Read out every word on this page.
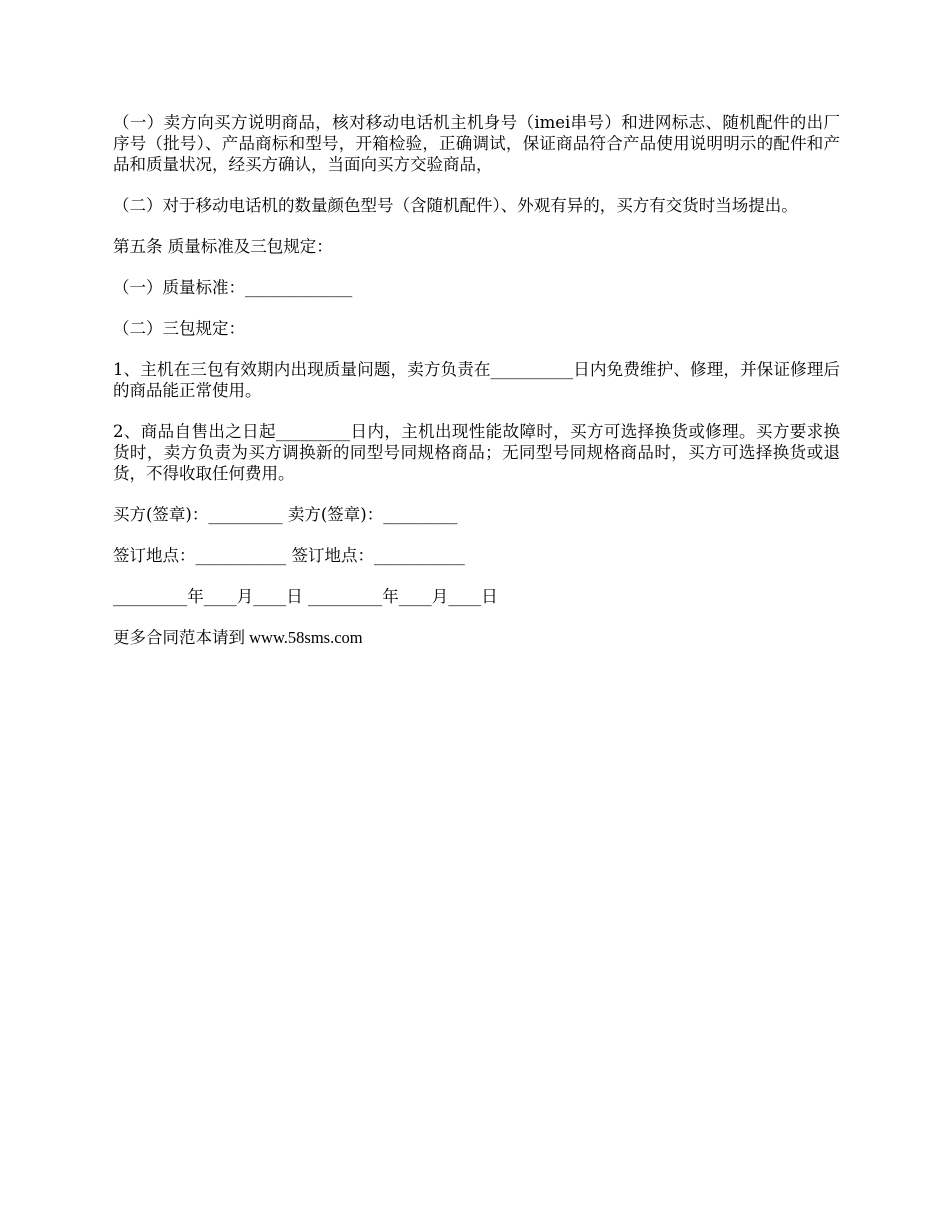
（一）卖方向买方说明商品，核对移动电话机主机身号（imei串号）和进网标志、随机配件的出厂序号（批号）、产品商标和型号，开箱检验，正确调试，保证商品符合产品使用说明明示的配件和产品和质量状况，经买方确认，当面向买方交验商品，

（二）对于移动电话机的数量颜色型号（含随机配件）、外观有异的，买方有交货时当场提出。

第五条 质量标准及三包规定：

（一）质量标准：_____________

（二）三包规定：

1、主机在三包有效期内出现质量问题，卖方负责在__________日内免费维护、修理，并保证修理后的商品能正常使用。

2、商品自售出之日起_________日内，主机出现性能故障时，买方可选择换货或修理。买方要求换货时，卖方负责为买方调换新的同型号同规格商品；无同型号同规格商品时，买方可选择换货或退货，不得收取任何费用。

买方(签章)：_________ 卖方(签章)：_________

签订地点：___________ 签订地点：___________

_________年____月____日 _________年____月____日

更多合同范本请到 www.58sms.com
